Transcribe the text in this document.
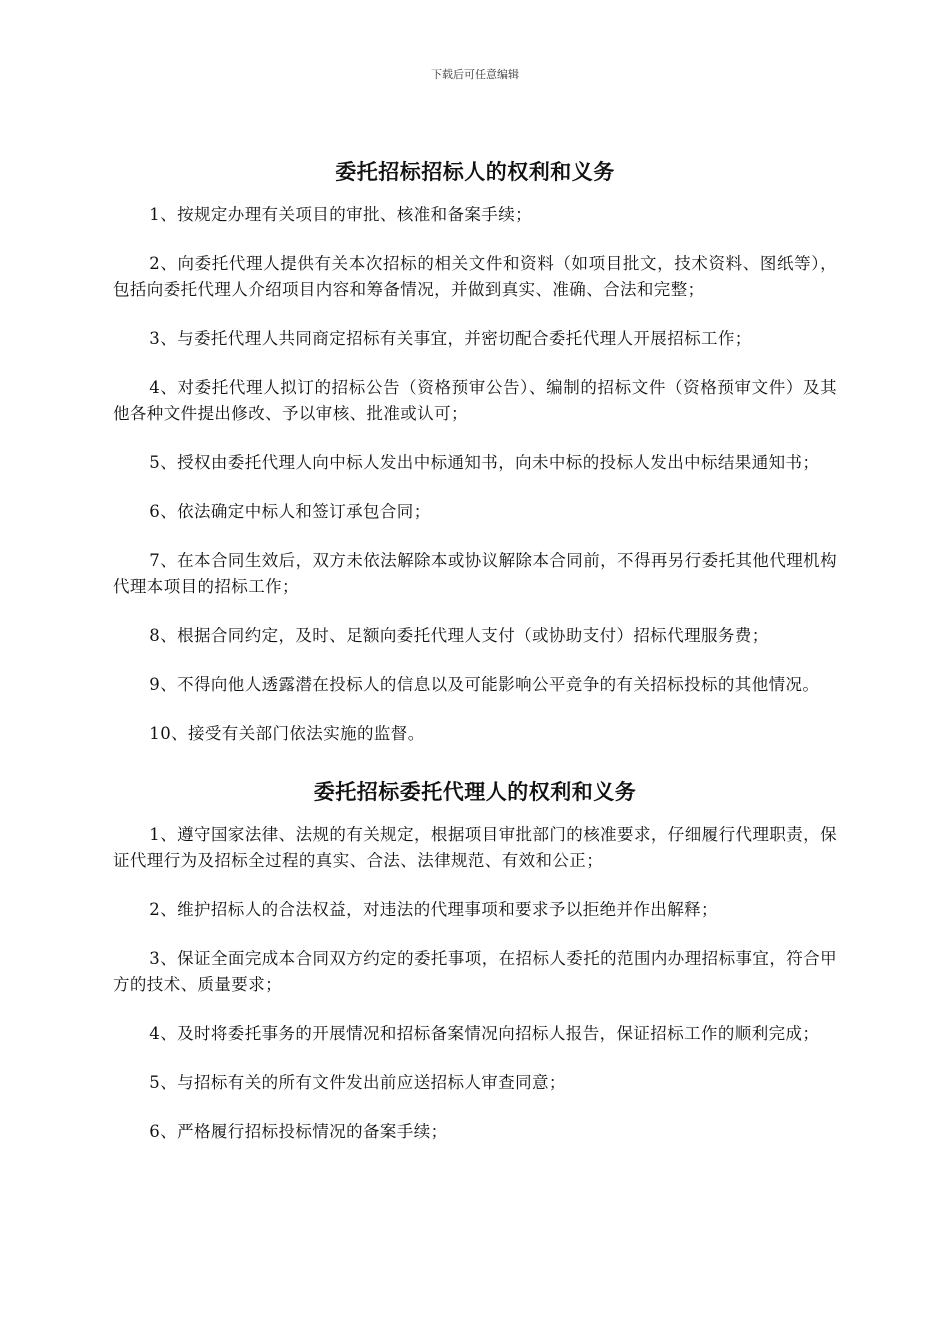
下载后可任意编辑
委托招标招标人的权利和义务

1、按规定办理有关项目的审批、核准和备案手续；

2、向委托代理人提供有关本次招标的相关文件和资料（如项目批文，技术资料、图纸等），包括向委托代理人介绍项目内容和筹备情况，并做到真实、准确、合法和完整；

3、与委托代理人共同商定招标有关事宜，并密切配合委托代理人开展招标工作；

4、对委托代理人拟订的招标公告（资格预审公告）、编制的招标文件（资格预审文件）及其他各种文件提出修改、予以审核、批准或认可；

5、授权由委托代理人向中标人发出中标通知书，向未中标的投标人发出中标结果通知书；

6、依法确定中标人和签订承包合同；

7、在本合同生效后，双方未依法解除本或协议解除本合同前，不得再另行委托其他代理机构代理本项目的招标工作；

8、根据合同约定，及时、足额向委托代理人支付（或协助支付）招标代理服务费；

9、不得向他人透露潜在投标人的信息以及可能影响公平竞争的有关招标投标的其他情况。

10、接受有关部门依法实施的监督。

委托招标委托代理人的权利和义务

1、遵守国家法律、法规的有关规定，根据项目审批部门的核准要求，仔细履行代理职责，保证代理行为及招标全过程的真实、合法、法律规范、有效和公正；

2、维护招标人的合法权益，对违法的代理事项和要求予以拒绝并作出解释；

3、保证全面完成本合同双方约定的委托事项，在招标人委托的范围内办理招标事宜，符合甲方的技术、质量要求；

4、及时将委托事务的开展情况和招标备案情况向招标人报告，保证招标工作的顺利完成；

5、与招标有关的所有文件发出前应送招标人审查同意；

6、严格履行招标投标情况的备案手续；
